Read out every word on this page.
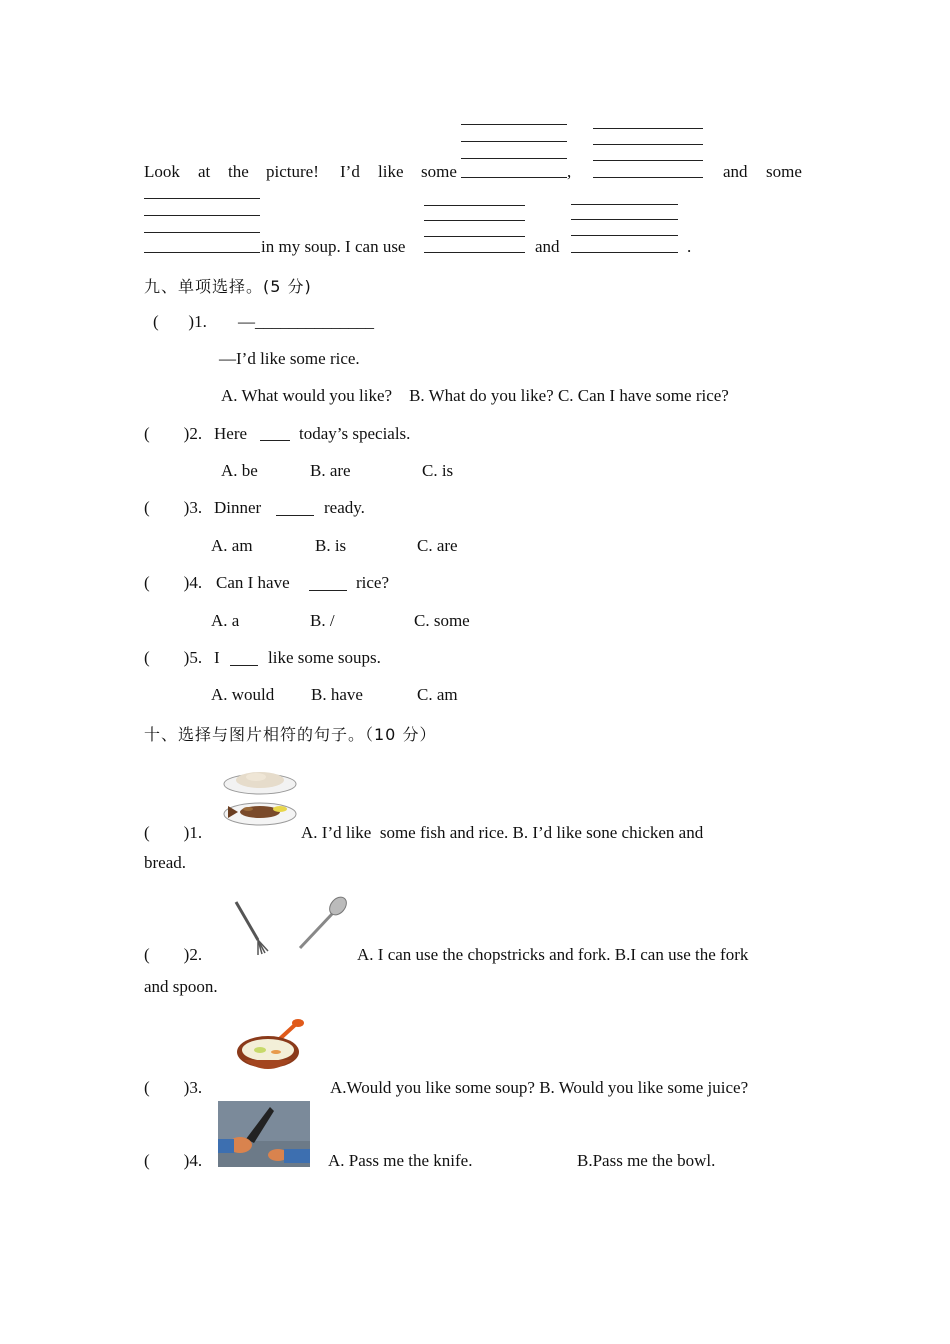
Look at the picture! I’d like some	,	and some
in my soup. I can use	and	.
九、单项选择。(5 分)
(       )1. —______________
—I’d like some rice.
A. What would you like?    B. What do you like? C. Can I have some rice?
(        )2. Here	today’s specials.
A. be	B. are	C. is
(        )3. Dinner	ready.
A. am	B. is	C. are
(        )4. Can I have	rice?
A. a	B. /	C. some
(        )5. I	like some soups.
A. would B. have	C. am
十、选择与图片相符的句子。（10 分）
(        )1.	A. I’d like  some fish and rice. B. I’d like sone chicken and
bread.
(        )2.	A. I can use the chopstricks and fork. B.I can use the fork
and spoon.
(        )3.	A.Would you like some soup? B. Would you like some juice?
(        )4.	A. Pass me the knife.	B.Pass me the bowl.
